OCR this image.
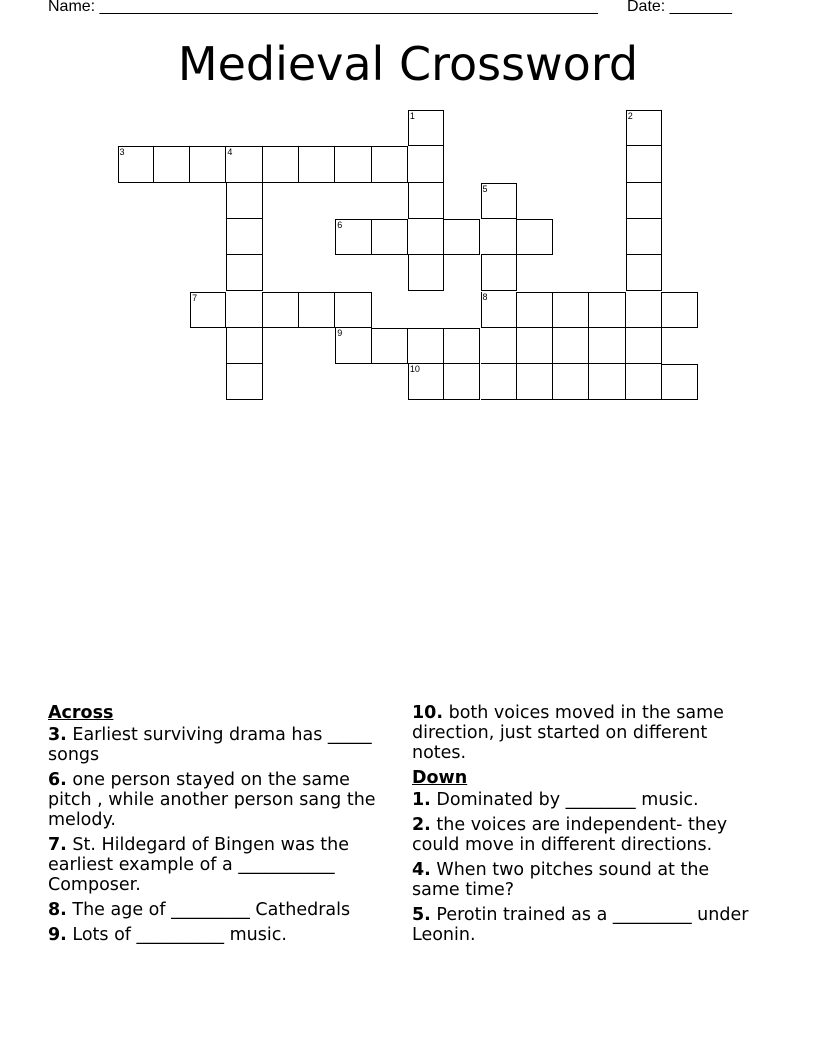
Name: ________________________________________________________ Date: _______
Medieval Crossword
1	2
3	4
5
6
7	8
9
10
Across
3. Earliest surviving drama has _____ songs
6. one person stayed on the same pitch , while another person sang the melody.
7. St. Hildegard of Bingen was the earliest example of a ___________ Composer.
8. The age of _________ Cathedrals
9. Lots of __________ music.
10. both voices moved in the same direction, just started on different notes.
Down
1. Dominated by ________ music.
2. the voices are independent- they could move in different directions.
4. When two pitches sound at the same time?
5. Perotin trained as a _________ under Leonin.
